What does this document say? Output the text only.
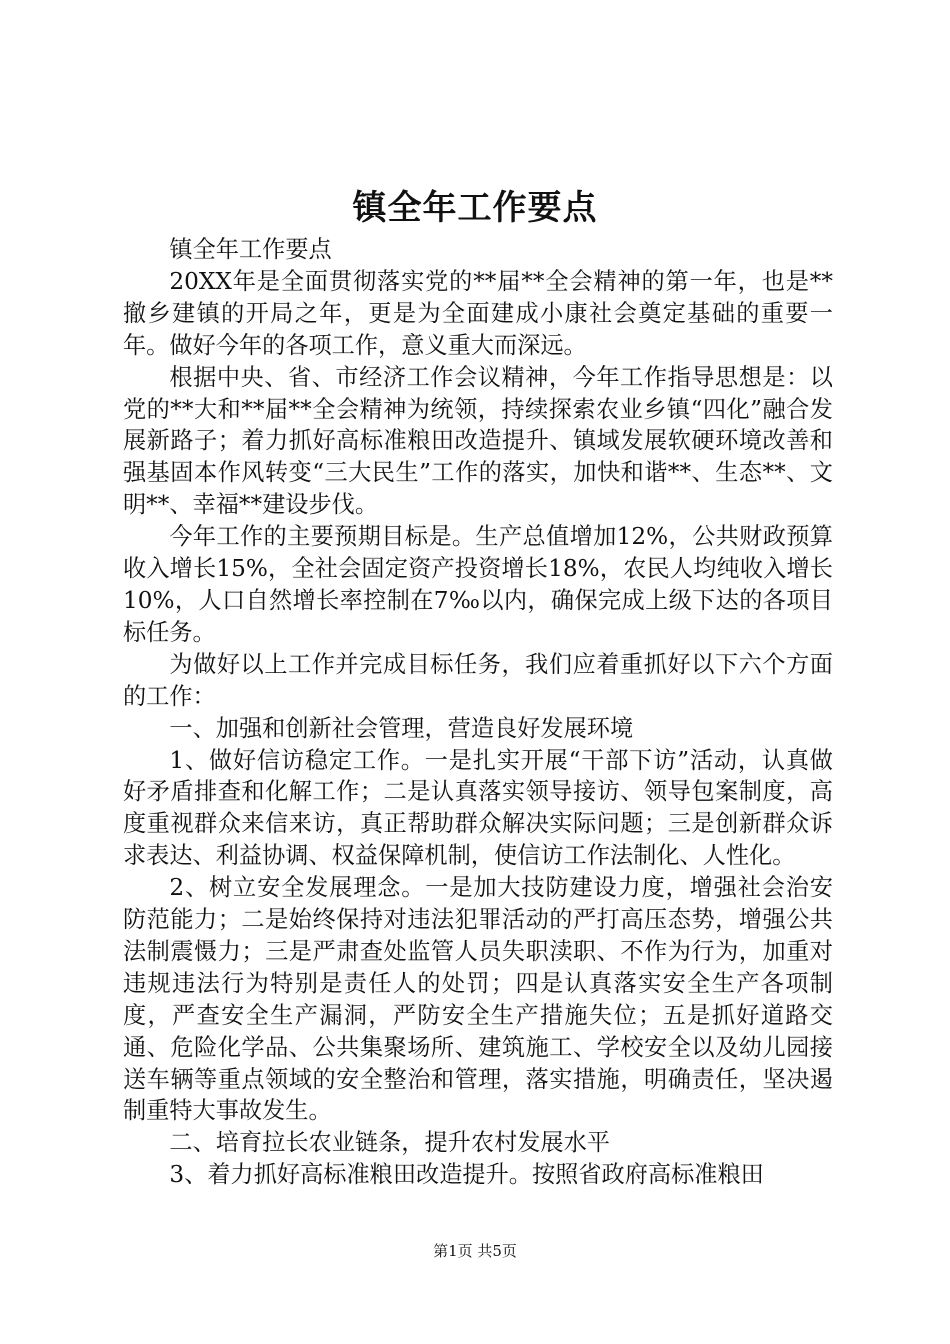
镇全年工作要点

镇全年工作要点

20XX年是全面贯彻落实党的**届**全会精神的第一年，也是**撤乡建镇的开局之年，更是为全面建成小康社会奠定基础的重要一年。做好今年的各项工作，意义重大而深远。

根据中央、省、市经济工作会议精神，今年工作指导思想是：以党的**大和**届**全会精神为统领，持续探索农业乡镇“四化”融合发展新路子；着力抓好高标准粮田改造提升、镇域发展软硬环境改善和强基固本作风转变“三大民生”工作的落实，加快和谐**、生态**、文明**、幸福**建设步伐。

今年工作的主要预期目标是。生产总值增加12%，公共财政预算收入增长15%，全社会固定资产投资增长18%，农民人均纯收入增长10%，人口自然增长率控制在7‰以内，确保完成上级下达的各项目标任务。

为做好以上工作并完成目标任务，我们应着重抓好以下六个方面的工作：

一、加强和创新社会管理，营造良好发展环境

1、做好信访稳定工作。一是扎实开展“干部下访”活动，认真做好矛盾排查和化解工作；二是认真落实领导接访、领导包案制度，高度重视群众来信来访，真正帮助群众解决实际问题；三是创新群众诉求表达、利益协调、权益保障机制，使信访工作法制化、人性化。

2、树立安全发展理念。一是加大技防建设力度，增强社会治安防范能力；二是始终保持对违法犯罪活动的严打高压态势，增强公共法制震慑力；三是严肃查处监管人员失职渎职、不作为行为，加重对违规违法行为特别是责任人的处罚；四是认真落实安全生产各项制度，严查安全生产漏洞，严防安全生产措施失位；五是抓好道路交通、危险化学品、公共集聚场所、建筑施工、学校安全以及幼儿园接送车辆等重点领域的安全整治和管理，落实措施，明确责任，坚决遏制重特大事故发生。

二、培育拉长农业链条，提升农村发展水平

3、着力抓好高标准粮田改造提升。按照省政府高标准粮田

第1页 共5页
